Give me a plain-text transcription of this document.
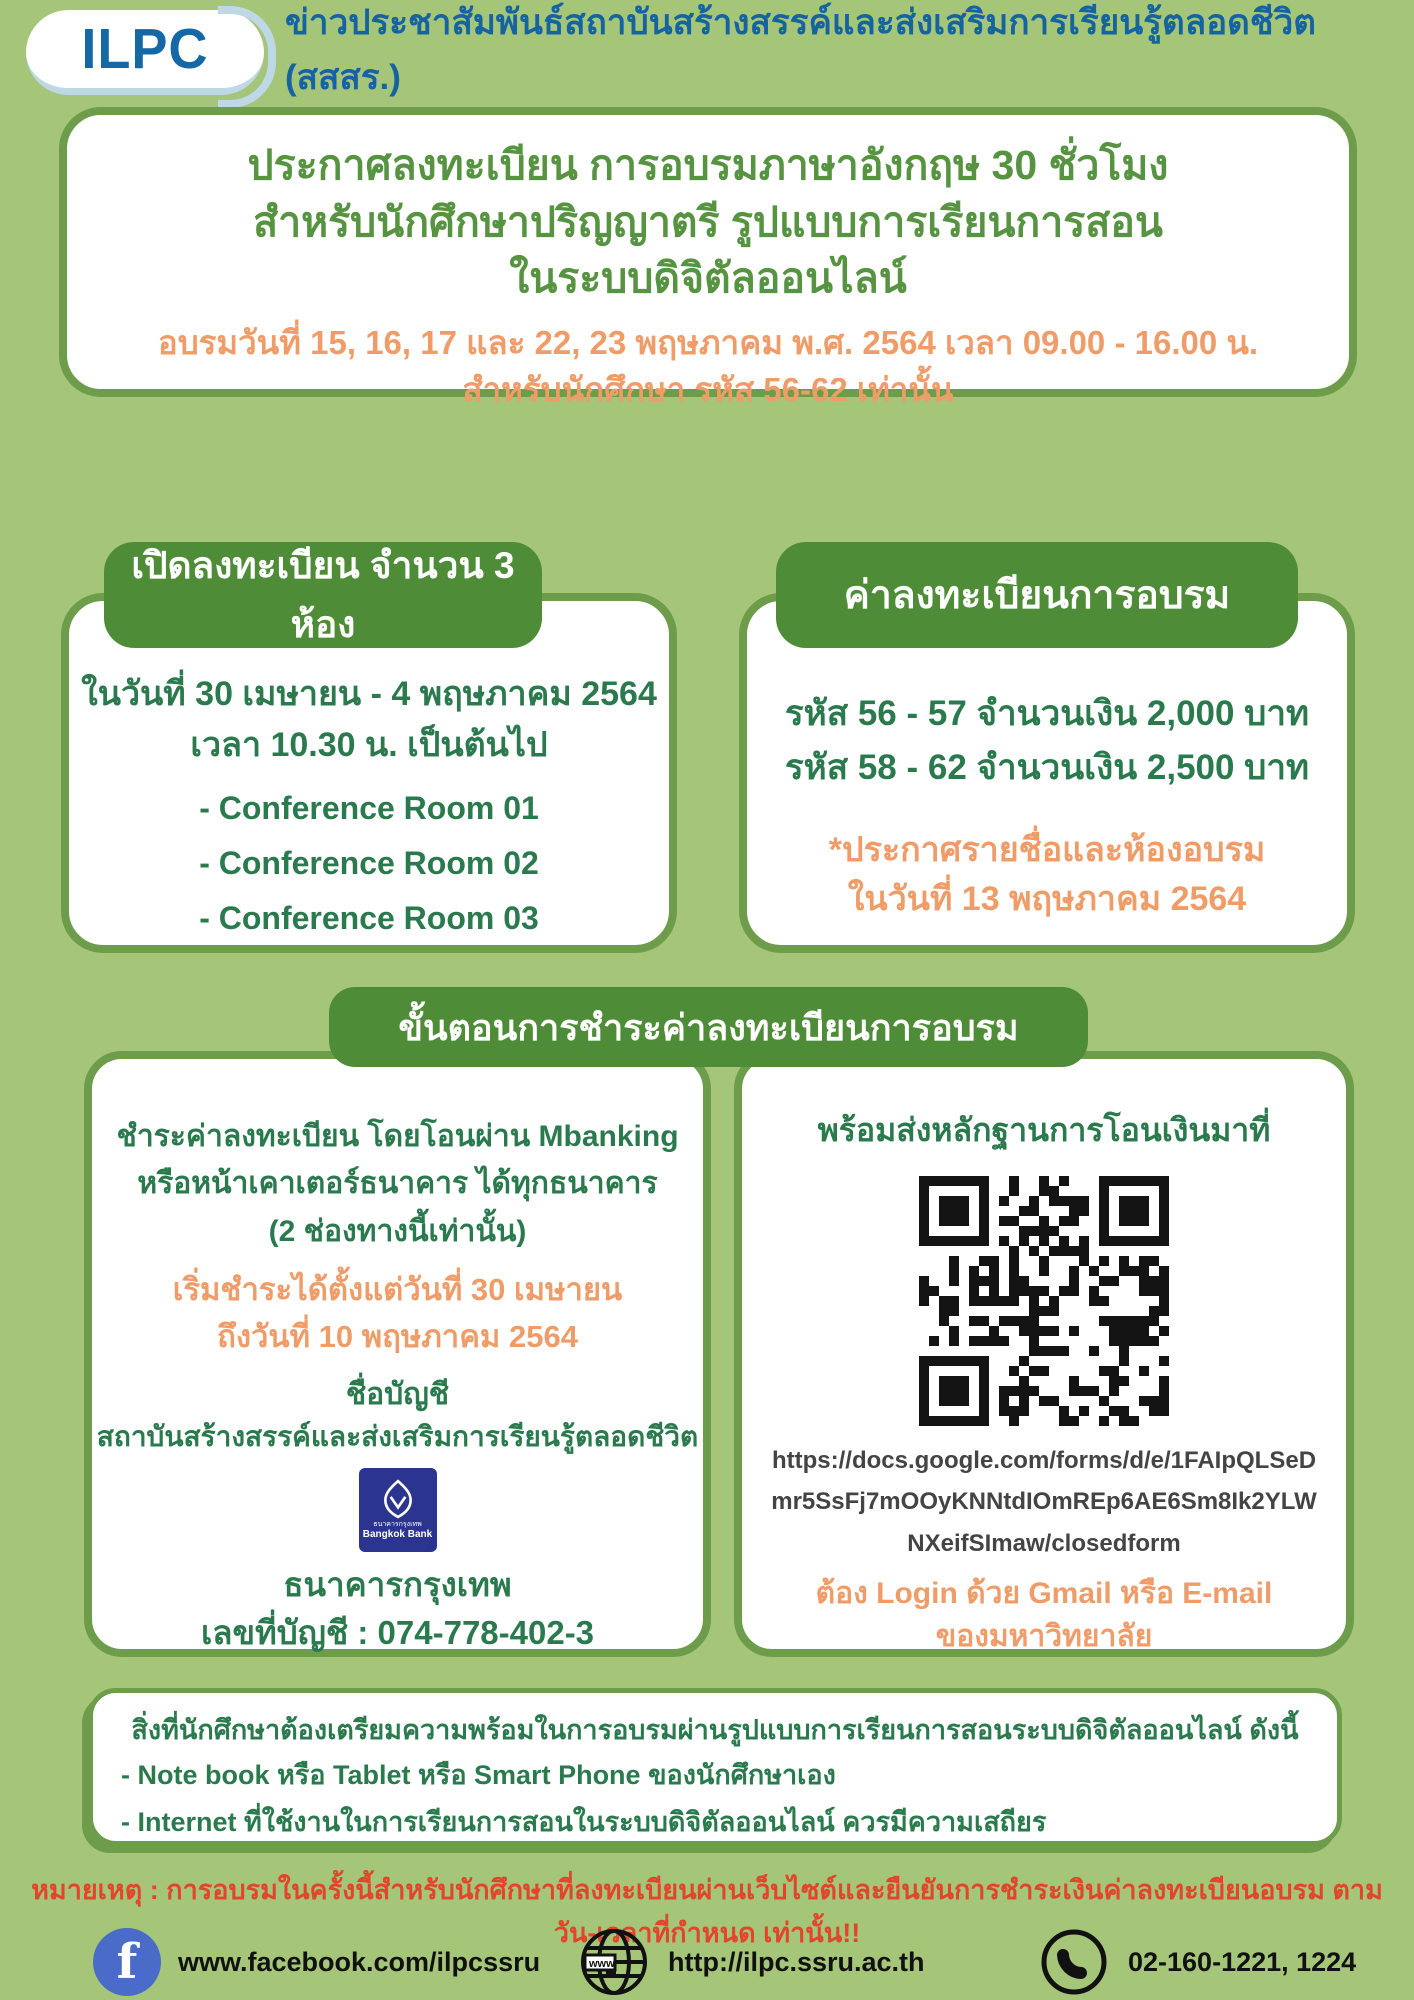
ILPC ข่าวประชาสัมพันธ์สถาบันสร้างสรรค์และส่งเสริมการเรียนรู้ตลอดชีวิต (สสสร.)
ประกาศลงทะเบียน การอบรมภาษาอังกฤษ 30 ชั่วโมง
สำหรับนักศึกษาปริญญาตรี รูปแบบการเรียนการสอน
ในระบบดิจิตัลออนไลน์
อบรมวันที่ 15, 16, 17 และ 22, 23 พฤษภาคม พ.ศ. 2564 เวลา 09.00 - 16.00 น.
สำหรับนักศึกษา รหัส 56-62 เท่านั้น
เปิดลงทะเบียน จำนวน 3 ห้อง
ในวันที่ 30 เมษายน - 4 พฤษภาคม 2564
เวลา 10.30 น. เป็นต้นไป
- Conference Room 01
- Conference Room 02
- Conference Room 03
ค่าลงทะเบียนการอบรม
รหัส 56 - 57 จำนวนเงิน 2,000 บาท
รหัส 58 - 62 จำนวนเงิน 2,500 บาท
*ประกาศรายชื่อและห้องอบรม
ในวันที่ 13 พฤษภาคม 2564
ขั้นตอนการชำระค่าลงทะเบียนการอบรม
ชำระค่าลงทะเบียน โดยโอนผ่าน Mbanking
หรือหน้าเคาเตอร์ธนาคาร ได้ทุกธนาคาร
(2 ช่องทางนี้เท่านั้น)
เริ่มชำระได้ตั้งแต่วันที่ 30 เมษายน
ถึงวันที่ 10 พฤษภาคม 2564
ชื่อบัญชี
สถาบันสร้างสรรค์และส่งเสริมการเรียนรู้ตลอดชีวิต
ธนาคารกรุงเทพ
Bangkok Bank
ธนาคารกรุงเทพ
เลขที่บัญชี : 074-778-402-3
พร้อมส่งหลักฐานการโอนเงินมาที่
https://docs.google.com/forms/d/e/1FAIpQLSeD
mr5SsFj7mOOyKNNtdIOmREp6AE6Sm8Ik2YLW
NXeifSImaw/closedform
ต้อง Login ด้วย Gmail หรือ E-mail
ของมหาวิทยาลัย
สิ่งที่นักศึกษาต้องเตรียมความพร้อมในการอบรมผ่านรูปแบบการเรียนการสอนระบบดิจิตัลออนไลน์ ดังนี้
- Note book หรือ Tablet หรือ Smart Phone ของนักศึกษาเอง
- Internet ที่ใช้งานในการเรียนการสอนในระบบดิจิตัลออนไลน์ ควรมีความเสถียร
หมายเหตุ : การอบรมในครั้งนี้สำหรับนักศึกษาที่ลงทะเบียนผ่านเว็บไซต์และยืนยันการชำระเงินค่าลงทะเบียนอบรม ตามวัน-เวลาที่กำหนด เท่านั้น!!
f www.facebook.com/ilpcssru	www. http://ilpc.ssru.ac.th	02-160-1221, 1224
